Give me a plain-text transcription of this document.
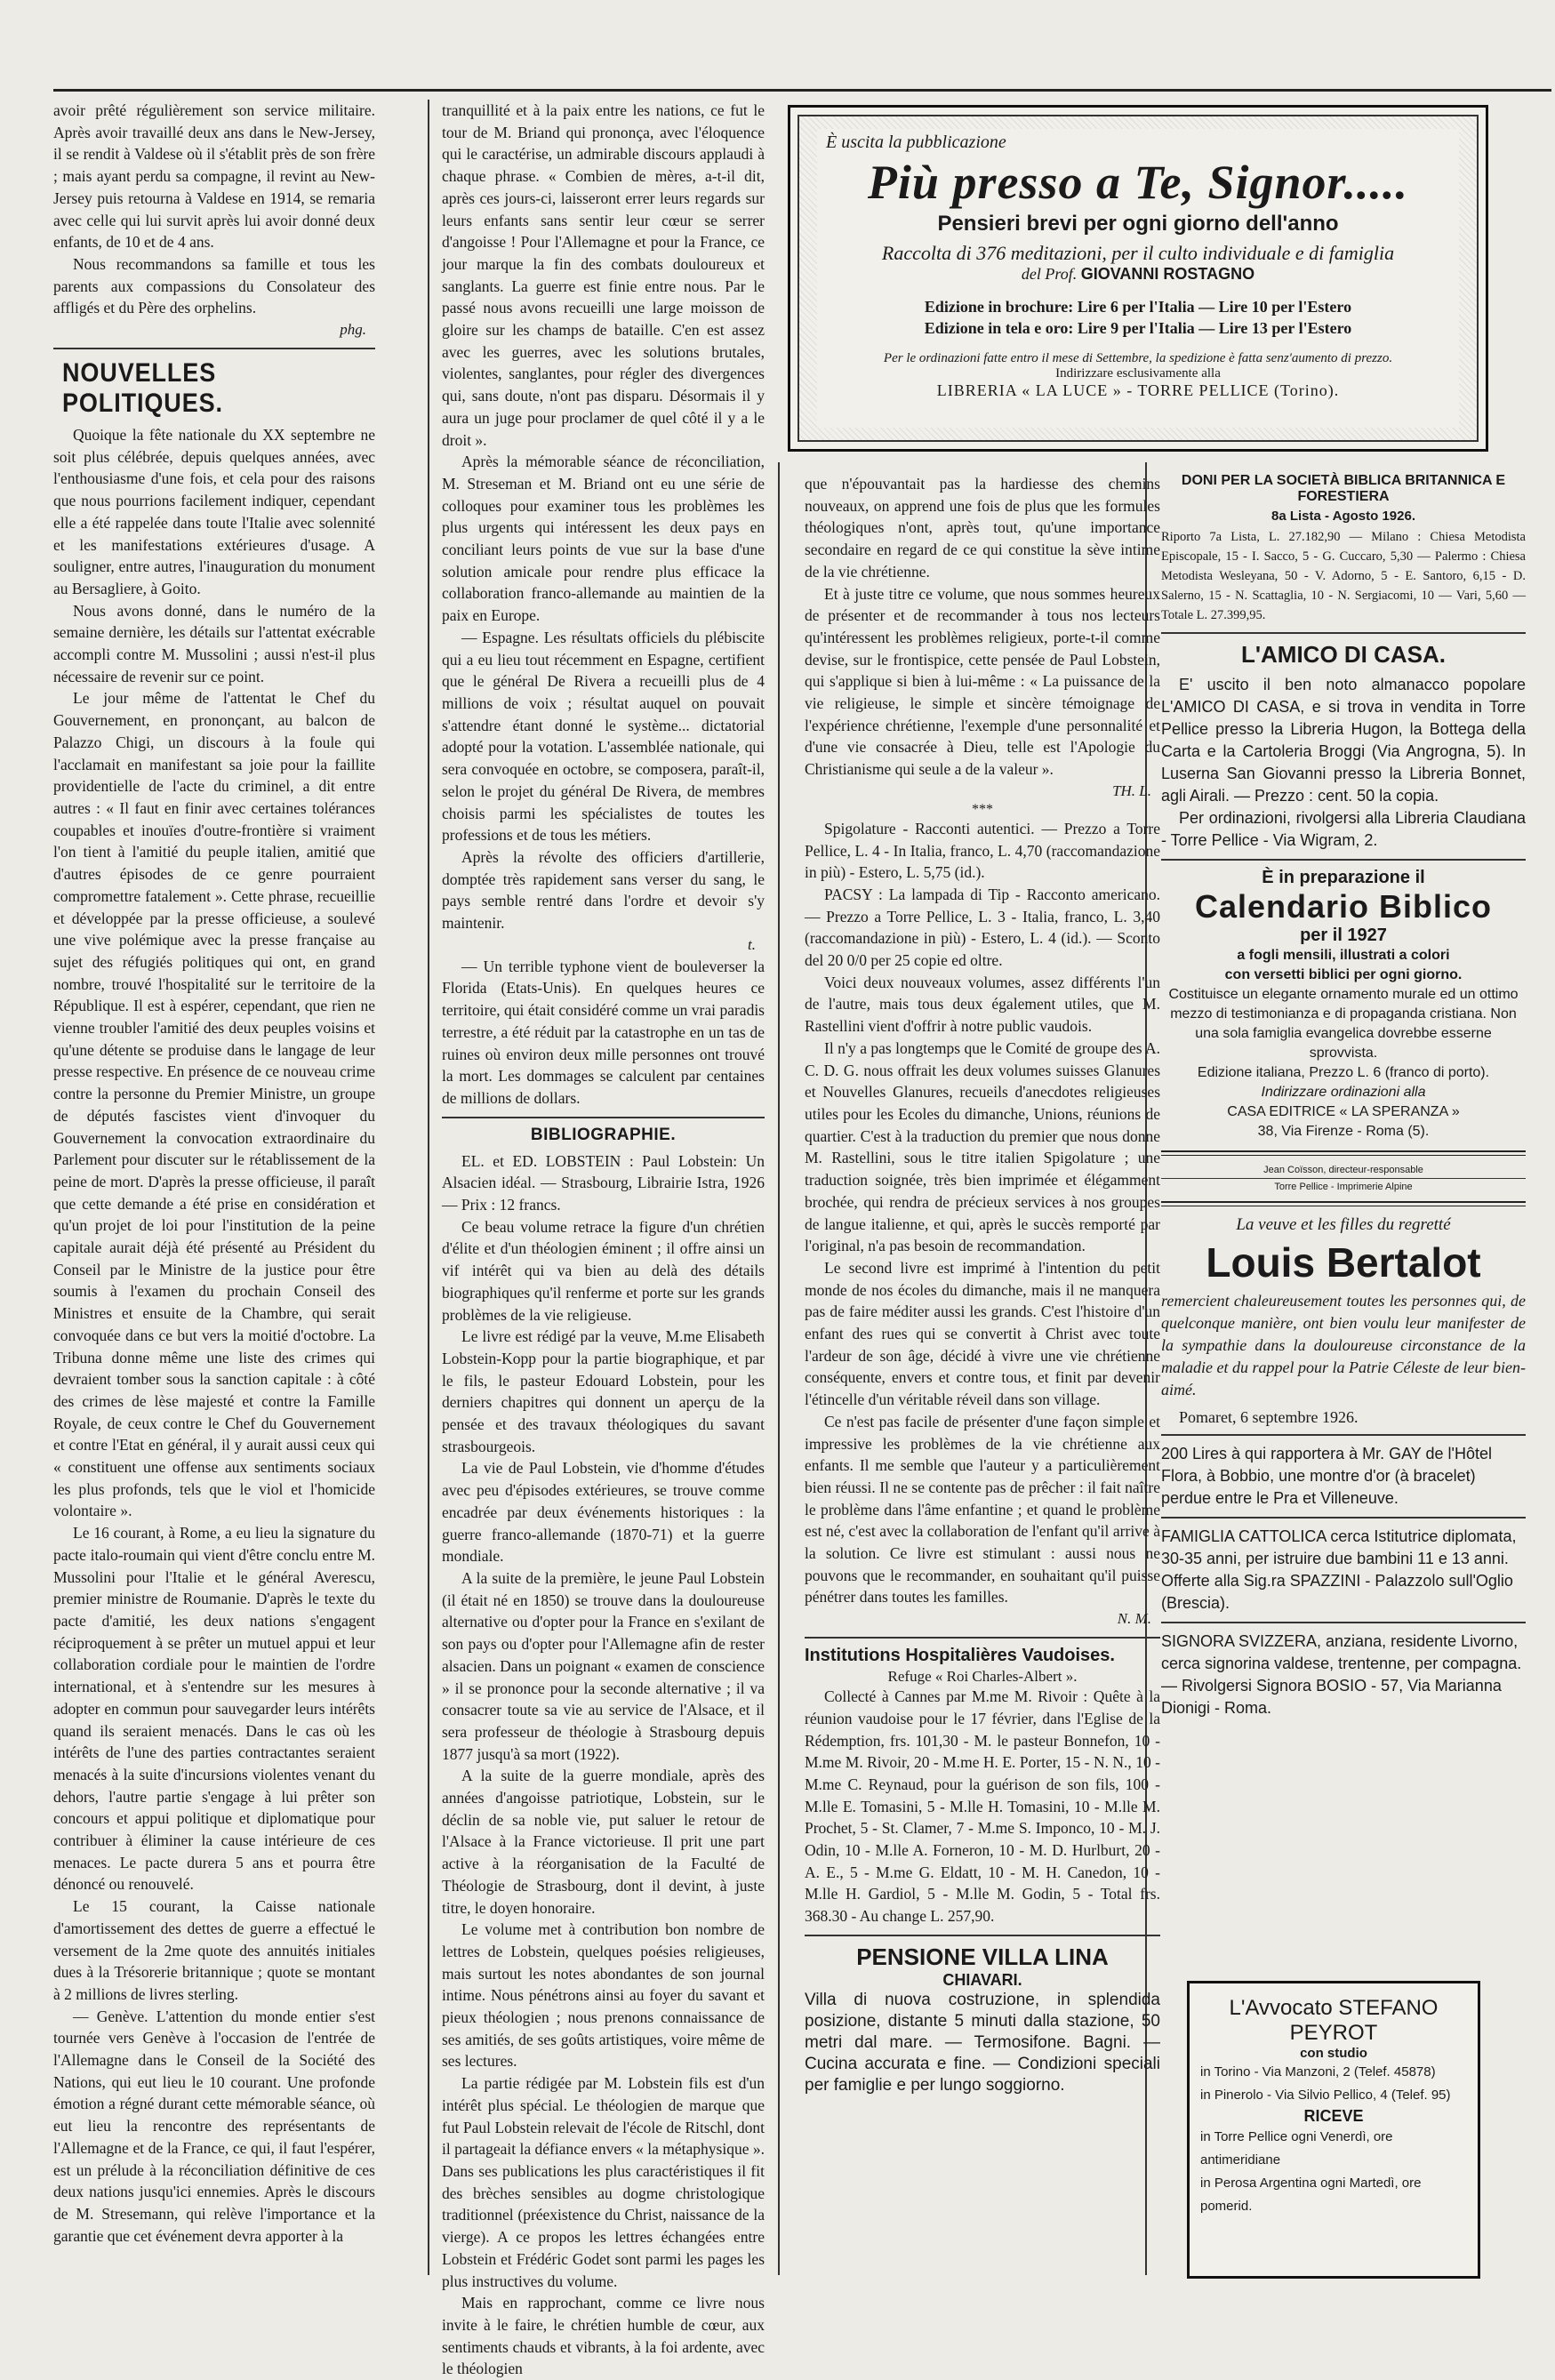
avoir prêté régulièrement son service militaire. Après avoir travaillé deux ans dans le New-Jersey, il se rendit à Valdese où il s'établit près de son frère ; mais ayant perdu sa compagne, il revint au New-Jersey puis retourna à Valdese en 1914, se remaria avec celle qui lui survit après lui avoir donné deux enfants, de 10 et de 4 ans.

Nous recommandons sa famille et tous les parents aux compassions du Consolateur des affligés et du Père des orphelins.

phg.

NOUVELLES POLITIQUES.

Quoique la fête nationale du XX septembre ne soit plus célébrée, depuis quelques années, avec l'enthousiasme d'une fois, et cela pour des raisons que nous pourrions facilement indiquer, cependant elle a été rappelée dans toute l'Italie avec solennité et les manifestations extérieures d'usage. A souligner, entre autres, l'inauguration du monument au Bersagliere, à Goito.

Nous avons donné, dans le numéro de la semaine dernière, les détails sur l'attentat exécrable accompli contre M. Mussolini ; aussi n'est-il plus nécessaire de revenir sur ce point.

Le jour même de l'attentat le Chef du Gouvernement, en prononçant, au balcon de Palazzo Chigi, un discours à la foule qui l'acclamait en manifestant sa joie pour la faillite providentielle de l'acte du criminel, a dit entre autres : « Il faut en finir avec certaines tolérances coupables et inouïes d'outre-frontière si vraiment l'on tient à l'amitié du peuple italien, amitié que d'autres épisodes de ce genre pourraient compromettre fatalement ». Cette phrase, recueillie et développée par la presse officieuse, a soulevé une vive polémique avec la presse française au sujet des réfugiés politiques qui ont, en grand nombre, trouvé l'hospitalité sur le territoire de la République. Il est à espérer, cependant, que rien ne vienne troubler l'amitié des deux peuples voisins et qu'une détente se produise dans le langage de leur presse respective. En présence de ce nouveau crime contre la personne du Premier Ministre, un groupe de députés fascistes vient d'invoquer du Gouvernement la convocation extraordinaire du Parlement pour discuter sur le rétablissement de la peine de mort. D'après la presse officieuse, il paraît que cette demande a été prise en considération et qu'un projet de loi pour l'institution de la peine capitale aurait déjà été présenté au Président du Conseil par le Ministre de la justice pour être soumis à l'examen du prochain Conseil des Ministres et ensuite de la Chambre, qui serait convoquée dans ce but vers la moitié d'octobre. La Tribuna donne même une liste des crimes qui devraient tomber sous la sanction capitale : à côté des crimes de lèse majesté et contre la Famille Royale, de ceux contre le Chef du Gouvernement et contre l'Etat en général, il y aurait aussi ceux qui « constituent une offense aux sentiments sociaux les plus profonds, tels que le viol et l'homicide volontaire ».

Le 16 courant, à Rome, a eu lieu la signature du pacte italo-roumain qui vient d'être conclu entre M. Mussolini pour l'Italie et le général Averescu, premier ministre de Roumanie. D'après le texte du pacte d'amitié, les deux nations s'engagent réciproquement à se prêter un mutuel appui et leur collaboration cordiale pour le maintien de l'ordre international, et à s'entendre sur les mesures à adopter en commun pour sauvegarder leurs intérêts quand ils seraient menacés. Dans le cas où les intérêts de l'une des parties contractantes seraient menacés à la suite d'incursions violentes venant du dehors, l'autre partie s'engage à lui prêter son concours et appui politique et diplomatique pour contribuer à éliminer la cause intérieure de ces menaces. Le pacte durera 5 ans et pourra être dénoncé ou renouvelé.

Le 15 courant, la Caisse nationale d'amortissement des dettes de guerre a effectué le versement de la 2me quote des annuités initiales dues à la Trésorerie britannique ; quote se montant à 2 millions de livres sterling.

— Genève. L'attention du monde entier s'est tournée vers Genève à l'occasion de l'entrée de l'Allemagne dans le Conseil de la Société des Nations, qui eut lieu le 10 courant. Une profonde émotion a régné durant cette mémorable séance, où eut lieu la rencontre des représentants de l'Allemagne et de la France, ce qui, il faut l'espérer, est un prélude à la réconciliation définitive de ces deux nations jusqu'ici ennemies. Après le discours de M. Stresemann, qui relève l'importance et la garantie que cet événement devra apporter à la

tranquillité et à la paix entre les nations, ce fut le tour de M. Briand qui prononça, avec l'éloquence qui le caractérise, un admirable discours applaudi à chaque phrase. « Combien de mères, a-t-il dit, après ces jours-ci, laisseront errer leurs regards sur leurs enfants sans sentir leur cœur se serrer d'angoisse ! Pour l'Allemagne et pour la France, ce jour marque la fin des combats douloureux et sanglants. La guerre est finie entre nous. Par le passé nous avons recueilli une large moisson de gloire sur les champs de bataille. C'en est assez avec les guerres, avec les solutions brutales, violentes, sanglantes, pour régler des divergences qui, sans doute, n'ont pas disparu. Désormais il y aura un juge pour proclamer de quel côté il y a le droit ».

Après la mémorable séance de réconciliation, M. Streseman et M. Briand ont eu une série de colloques pour examiner tous les problèmes les plus urgents qui intéressent les deux pays en conciliant leurs points de vue sur la base d'une solution amicale pour rendre plus efficace la collaboration franco-allemande au maintien de la paix en Europe.

— Espagne. Les résultats officiels du plébiscite qui a eu lieu tout récemment en Espagne, certifient que le général De Rivera a recueilli plus de 4 millions de voix ; résultat auquel on pouvait s'attendre étant donné le système... dictatorial adopté pour la votation. L'assemblée nationale, qui sera convoquée en octobre, se composera, paraît-il, selon le projet du général De Rivera, de membres choisis parmi les spécialistes de toutes les professions et de tous les métiers.

Après la révolte des officiers d'artillerie, domptée très rapidement sans verser du sang, le pays semble rentré dans l'ordre et devoir s'y maintenir.

t.

— Un terrible typhone vient de bouleverser la Florida (Etats-Unis). En quelques heures ce territoire, qui était considéré comme un vrai paradis terrestre, a été réduit par la catastrophe en un tas de ruines où environ deux mille personnes ont trouvé la mort. Les dommages se calculent par centaines de millions de dollars.

BIBLIOGRAPHIE.

EL. et ED. LOBSTEIN : Paul Lobstein: Un Alsacien idéal. — Strasbourg, Librairie Istra, 1926 — Prix : 12 francs.

Ce beau volume retrace la figure d'un chrétien d'élite et d'un théologien éminent ; il offre ainsi un vif intérêt qui va bien au delà des détails biographiques qu'il renferme et porte sur les grands problèmes de la vie religieuse.

Le livre est rédigé par la veuve, M.me Elisabeth Lobstein-Kopp pour la partie biographique, et par le fils, le pasteur Edouard Lobstein, pour les derniers chapitres qui donnent un aperçu de la pensée et des travaux théologiques du savant strasbourgeois.

La vie de Paul Lobstein, vie d'homme d'études avec peu d'épisodes extérieures, se trouve comme encadrée par deux événements historiques : la guerre franco-allemande (1870-71) et la guerre mondiale.

A la suite de la première, le jeune Paul Lobstein (il était né en 1850) se trouve dans la douloureuse alternative ou d'opter pour la France en s'exilant de son pays ou d'opter pour l'Allemagne afin de rester alsacien. Dans un poignant « examen de conscience » il se prononce pour la seconde alternative ; il va consacrer toute sa vie au service de l'Alsace, et il sera professeur de théologie à Strasbourg depuis 1877 jusqu'à sa mort (1922).

A la suite de la guerre mondiale, après des années d'angoisse patriotique, Lobstein, sur le déclin de sa noble vie, put saluer le retour de l'Alsace à la France victorieuse. Il prit une part active à la réorganisation de la Faculté de Théologie de Strasbourg, dont il devint, à juste titre, le doyen honoraire.

Le volume met à contribution bon nombre de lettres de Lobstein, quelques poésies religieuses, mais surtout les notes abondantes de son journal intime. Nous pénétrons ainsi au foyer du savant et pieux théologien ; nous prenons connaissance de ses amitiés, de ses goûts artistiques, voire même de ses lectures.

La partie rédigée par M. Lobstein fils est d'un intérêt plus spécial. Le théologien de marque que fut Paul Lobstein relevait de l'école de Ritschl, dont il partageait la défiance envers « la métaphysique ». Dans ses publications les plus caractéristiques il fit des brèches sensibles au dogme christologique traditionnel (préexistence du Christ, naissance de la vierge). A ce propos les lettres échangées entre Lobstein et Frédéric Godet sont parmi les pages les plus instructives du volume.

Mais en rapprochant, comme ce livre nous invite à le faire, le chrétien humble de cœur, aux sentiments chauds et vibrants, à la foi ardente, avec le théologien

È uscita la pubblicazione
Più presso a Te, Signor.....
Pensieri brevi per ogni giorno dell'anno
Raccolta di 376 meditazioni, per il culto individuale e di famiglia
del Prof. GIOVANNI ROSTAGNO
Edizione in brochure: Lire 6 per l'Italia — Lire 10 per l'Estero
Edizione in tela e oro: Lire 9 per l'Italia — Lire 13 per l'Estero
Per le ordinazioni fatte entro il mese di Settembre, la spedizione è fatta senz'aumento di prezzo.
Indirizzare esclusivamente alla
LIBRERIA « LA LUCE » - TORRE PELLICE (Torino).

que n'épouvantait pas la hardiesse des chemins nouveaux, on apprend une fois de plus que les formules théologiques n'ont, après tout, qu'une importance secondaire en regard de ce qui constitue la sève intime de la vie chrétienne.

Et à juste titre ce volume, que nous sommes heureux de présenter et de recommander à tous nos lecteurs qu'intéressent les problèmes religieux, porte-t-il comme devise, sur le frontispice, cette pensée de Paul Lobstein, qui s'applique si bien à lui-même : « La puissance de la vie religieuse, le simple et sincère témoignage de l'expérience chrétienne, l'exemple d'une personnalité et d'une vie consacrée à Dieu, telle est l'Apologie du Christianisme qui seule a de la valeur ».

TH. L.

***

Spigolature - Racconti autentici. — Prezzo a Torre Pellice, L. 4 - In Italia, franco, L. 4,70 (raccomandazione in più) - Estero, L. 5,75 (id.).

PACSY : La lampada di Tip - Racconto americano. — Prezzo a Torre Pellice, L. 3 - Italia, franco, L. 3,40 (raccomandazione in più) - Estero, L. 4 (id.). — Sconto del 20 0/0 per 25 copie ed oltre.

Voici deux nouveaux volumes, assez différents l'un de l'autre, mais tous deux également utiles, que M. Rastellini vient d'offrir à notre public vaudois.

Il n'y a pas longtemps que le Comité de groupe des A. C. D. G. nous offrait les deux volumes suisses Glanures et Nouvelles Glanures, recueils d'anecdotes religieuses utiles pour les Ecoles du dimanche, Unions, réunions de quartier. C'est à la traduction du premier que nous donne M. Rastellini, sous le titre italien Spigolature ; une traduction soignée, très bien imprimée et élégamment brochée, qui rendra de précieux services à nos groupes de langue italienne, et qui, après le succès remporté par l'original, n'a pas besoin de recommandation.

Le second livre est imprimé à l'intention du petit monde de nos écoles du dimanche, mais il ne manquera pas de faire méditer aussi les grands. C'est l'histoire d'un enfant des rues qui se convertit à Christ avec toute l'ardeur de son âge, décidé à vivre une vie chrétienne conséquente, envers et contre tous, et finit par devenir l'étincelle d'un véritable réveil dans son village.

Ce n'est pas facile de présenter d'une façon simple et impressive les problèmes de la vie chrétienne aux enfants. Il me semble que l'auteur y a particulièrement bien réussi. Il ne se contente pas de prêcher : il fait naître le problème dans l'âme enfantine ; et quand le problème est né, c'est avec la collaboration de l'enfant qu'il arrive à la solution. Ce livre est stimulant : aussi nous ne pouvons que le recommander, en souhaitant qu'il puisse pénétrer dans toutes les familles.

N. M.

Institutions Hospitalières Vaudoises.
Refuge « Roi Charles-Albert ».

Collecté à Cannes par M.me M. Rivoir : Quête à la réunion vaudoise pour le 17 février, dans l'Eglise de la Rédemption, frs. 101,30 - M. le pasteur Bonnefon, 10 - M.me M. Rivoir, 20 - M.me H. E. Porter, 15 - N. N., 10 - M.me C. Reynaud, pour la guérison de son fils, 100 - M.lle E. Tomasini, 5 - M.lle H. Tomasini, 10 - M.lle M. Prochet, 5 - St. Clamer, 7 - M.me S. Imponco, 10 - M. J. Odin, 10 - M.lle A. Forneron, 10 - M. D. Hurlburt, 20 - A. E., 5 - M.me G. Eldatt, 10 - M. H. Canedon, 10 - M.lle H. Gardiol, 5 - M.lle M. Godin, 5 - Total frs. 368.30 - Au change L. 257,90.

PENSIONE VILLA LINA
CHIAVARI.

Villa di nuova costruzione, in splendida posizione, distante 5 minuti dalla stazione, 50 metri dal mare. — Termosifone. Bagni. — Cucina accurata e fine. — Condizioni speciali per famiglie e per lungo soggiorno.

DONI PER LA SOCIETÀ BIBLICA BRITANNICA E FORESTIERA
8a Lista - Agosto 1926.

Riporto 7a Lista, L. 27.182,90 — Milano : Chiesa Metodista Episcopale, 15 - I. Sacco, 5 - G. Cuccaro, 5,30 — Palermo : Chiesa Metodista Wesleyana, 50 - V. Adorno, 5 - E. Santoro, 6,15 - D. Salerno, 15 - N. Scattaglia, 10 - N. Sergiacomi, 10 — Vari, 5,60 — Totale L. 27.399,95.

L'AMICO DI CASA.

E' uscito il ben noto almanacco popolare L'AMICO DI CASA, e si trova in vendita in Torre Pellice presso la Libreria Hugon, la Bottega della Carta e la Cartoleria Broggi (Via Angrogna, 5). In Luserna San Giovanni presso la Libreria Bonnet, agli Airali. — Prezzo : cent. 50 la copia.

Per ordinazioni, rivolgersi alla Libreria Claudiana - Torre Pellice - Via Wigram, 2.

È in preparazione il
Calendario Biblico
per il 1927
a fogli mensili, illustrati a colori
con versetti biblici per ogni giorno.
Costituisce un elegante ornamento murale ed un ottimo mezzo di testimonianza e di propaganda cristiana. Non una sola famiglia evangelica dovrebbe esserne sprovvista.
Edizione italiana, Prezzo L. 6 (franco di porto).
Indirizzare ordinazioni alla
CASA EDITRICE « LA SPERANZA »
38, Via Firenze - Roma (5).
Jean Coïsson, directeur-responsable
Torre Pellice - Imprimerie Alpine
La veuve et les filles du regretté
Louis Bertalot

remercient chaleureusement toutes les personnes qui, de quelconque manière, ont bien voulu leur manifester de la sympathie dans la douloureuse circonstance de la maladie et du rappel pour la Patrie Céleste de leur bien-aimé.

Pomaret, 6 septembre 1926.

200 Lires à qui rapportera à Mr. GAY de l'Hôtel Flora, à Bobbio, une montre d'or (à bracelet) perdue entre le Pra et Villeneuve.

FAMIGLIA CATTOLICA cerca Istitutrice diplomata, 30-35 anni, per istruire due bambini 11 e 13 anni. Offerte alla Sig.ra SPAZZINI - Palazzolo sull'Oglio (Brescia).

SIGNORA SVIZZERA, anziana, residente Livorno, cerca signorina valdese, trentenne, per compagna. — Rivolgersi Signora BOSIO - 57, Via Marianna Dionigi - Roma.

L'Avvocato STEFANO PEYROT
con studio
in Torino - Via Manzoni, 2 (Telef. 45878)
in Pinerolo - Via Silvio Pellico, 4 (Telef. 95)
RICEVE
in Torre Pellice ogni Venerdì, ore antimeridiane
in Perosa Argentina ogni Martedì, ore pomerid.
